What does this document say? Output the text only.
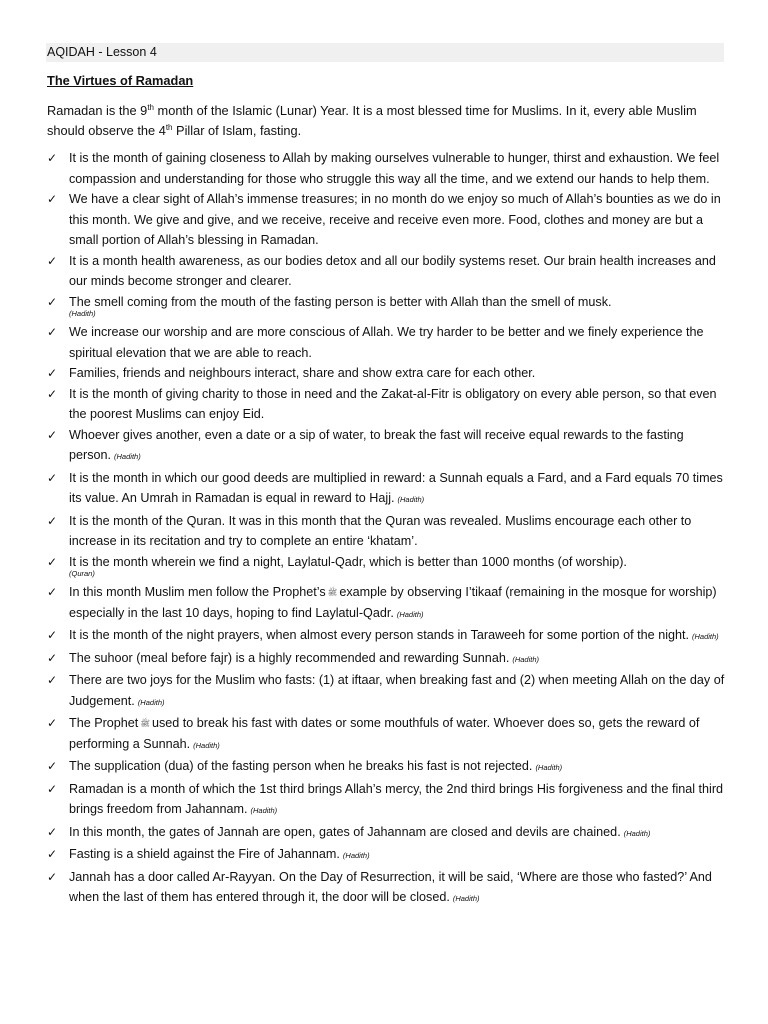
AQIDAH - Lesson 4
The Virtues of Ramadan
Ramadan is the 9th month of the Islamic (Lunar) Year. It is a most blessed time for Muslims. In it, every able Muslim should observe the 4th Pillar of Islam, fasting.
✓ It is the month of gaining closeness to Allah by making ourselves vulnerable to hunger, thirst and exhaustion. We feel compassion and understanding for those who struggle this way all the time, and we extend our hands to help them.
✓ We have a clear sight of Allah’s immense treasures; in no month do we enjoy so much of Allah’s bounties as we do in this month. We give and give, and we receive, receive and receive even more. Food, clothes and money are but a small portion of Allah’s blessing in Ramadan.
✓ It is a month health awareness, as our bodies detox and all our bodily systems reset. Our brain health increases and our minds become stronger and clearer.
✓ The smell coming from the mouth of the fasting person is better with Allah than the smell of musk.
(Hadith)
✓ We increase our worship and are more conscious of Allah. We try harder to be better and we finely experience the spiritual elevation that we are able to reach.
✓ Families, friends and neighbours interact, share and show extra care for each other.
✓ It is the month of giving charity to those in need and the Zakat-al-Fitr is obligatory on every able person, so that even the poorest Muslims can enjoy Eid.
✓ Whoever gives another, even a date or a sip of water, to break the fast will receive equal rewards to the fasting person. (Hadith)
✓ It is the month in which our good deeds are multiplied in reward: a Sunnah equals a Fard, and a Fard equals 70 times its value. An Umrah in Ramadan is equal in reward to Hajj. (Hadith)
✓ It is the month of the Quran. It was in this month that the Quran was revealed. Muslims encourage each other to increase in its recitation and try to complete an entire ‘khatam’.
✓ It is the month wherein we find a night, Laylatul-Qadr, which is better than 1000 months (of worship).
(Quran)
✓ In this month Muslim men follow the Prophet’s ﷺ example by observing I’tikaaf (remaining in the mosque for worship) especially in the last 10 days, hoping to find Laylatul-Qadr. (Hadith)
✓ It is the month of the night prayers, when almost every person stands in Taraweeh for some portion of the night. (Hadith)
✓ The suhoor (meal before fajr) is a highly recommended and rewarding Sunnah. (Hadith)
✓ There are two joys for the Muslim who fasts: (1) at iftaar, when breaking fast and (2) when meeting Allah on the day of Judgement. (Hadith)
✓ The Prophet ﷺ used to break his fast with dates or some mouthfuls of water. Whoever does so, gets the reward of performing a Sunnah. (Hadith)
✓ The supplication (dua) of the fasting person when he breaks his fast is not rejected. (Hadith)
✓ Ramadan is a month of which the 1st third brings Allah’s mercy, the 2nd third brings His forgiveness and the final third brings freedom from Jahannam. (Hadith)
✓ In this month, the gates of Jannah are open, gates of Jahannam are closed and devils are chained. (Hadith)
✓ Fasting is a shield against the Fire of Jahannam. (Hadith)
✓ Jannah has a door called Ar-Rayyan. On the Day of Resurrection, it will be said, ‘Where are those who fasted?’ And when the last of them has entered through it, the door will be closed. (Hadith)
